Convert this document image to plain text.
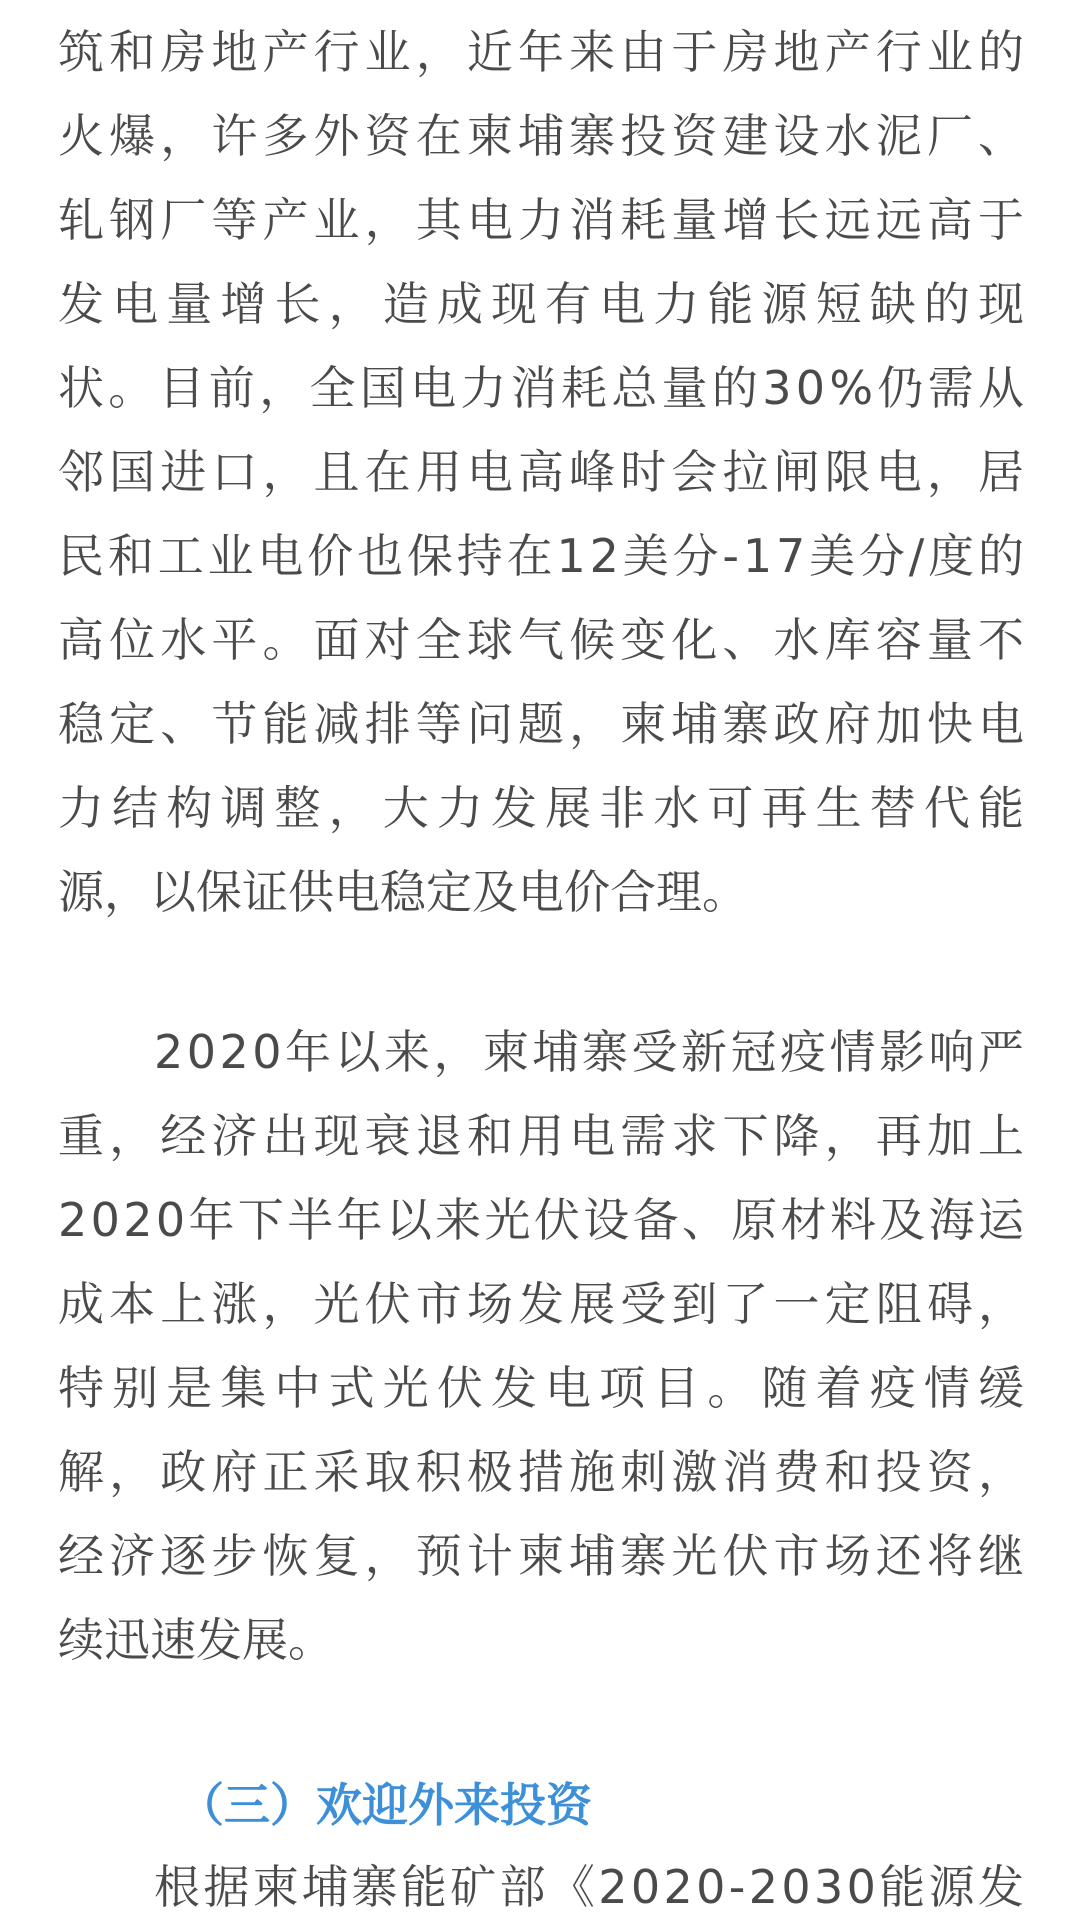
筑和房地产行业，近年来由于房地产行业的
火爆，许多外资在柬埔寨投资建设水泥厂、
轧钢厂等产业，其电力消耗量增长远远高于
发电量增长，造成现有电力能源短缺的现
状。目前，全国电力消耗总量的30%仍需从
邻国进口，且在用电高峰时会拉闸限电，居
民和工业电价也保持在12美分-17美分/度的
高位水平。面对全球气候变化、水库容量不
稳定、节能减排等问题，柬埔寨政府加快电
力结构调整，大力发展非水可再生替代能
源，以保证供电稳定及电价合理。
2020年以来，柬埔寨受新冠疫情影响严
重，经济出现衰退和用电需求下降，再加上
2020年下半年以来光伏设备、原材料及海运
成本上涨，光伏市场发展受到了一定阻碍，
特别是集中式光伏发电项目。随着疫情缓
解，政府正采取积极措施刺激消费和投资，
经济逐步恢复，预计柬埔寨光伏市场还将继
续迅速发展。
（三）欢迎外来投资
根据柬埔寨能矿部《2020-2030能源发
